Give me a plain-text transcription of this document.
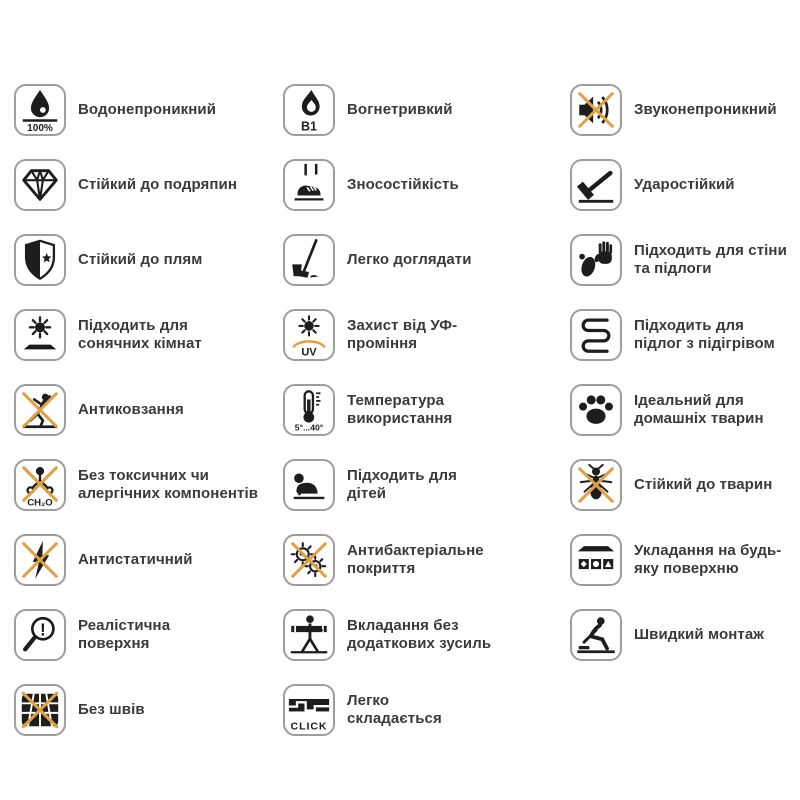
100%
Водонепроникний
Стійкий до подряпин
Стійкий до плям
Підходить для сонячних кімнат
Антиковзання
CH₂O
Без токсичних чи алергічних компонентів
Антистатичний
! Реалістична поверхня
Без швів
B1
Вогнетривкий
Зносостійкість
Легко доглядати
UV
Захист від УФ-проміння
5°...40°
Температура використання
Підходить для дітей
Антибактеріальне покриття
Вкладання без додаткових зусиль
CLICK
Легко складається
Звуконепроникний
Ударостійкий
Підходить для стіни та підлоги
Підходить для підлог з підігрівом
Ідеальний для домашніх тварин
Стійкий до тварин
Укладання на будь-яку поверхню
Швидкий монтаж
